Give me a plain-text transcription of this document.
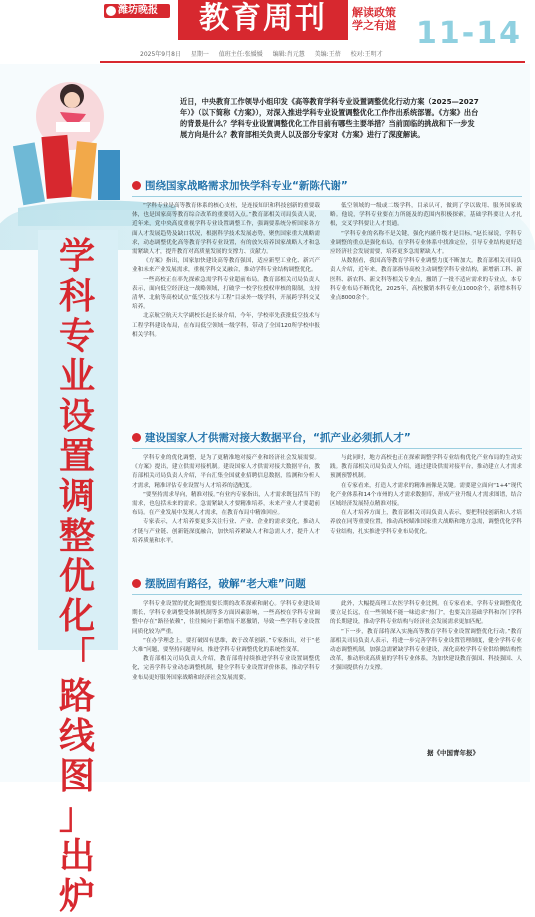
潍坊晚报	教育周刊	解读政策
学之有道 11-14
2025年9月8日 星期一 值班主任:张媛媛 编辑:肖元慧 美编:王蓓 校对:王明才
近日，中央教育工作领导小组印发《高等教育学科专业设置调整优化行动方案（2025—2027年）》（以下简称《方案》），对深入推进学科专业设置调整优化工作作出系统部署。《方案》出台的背景是什么？学科专业设置调整优化工作目前有哪些主要举措？当前面临的挑战和下一步发展方向是什么？教育部相关负责人以及部分专家对《方案》进行了深度解读。
学科专业设置调整优化「路线图」出炉
围绕国家战略需求加快学科专业“新陈代谢”

“学科专业是高等教育体系的核心支柱，是连接知识和科技创新的重要载体，也是国家高等教育综合改革的重要切入点。”教育部相关司局负责人说，近年来，党中央高度重视学科专业设置调整工作，强调要系统分析国家各方面人才发展趋势及缺口状况，根据科学技术发展态势，聚焦国家重大战略需求，动态调整优化高等教育学科专业设置，有的放矢培养国家战略人才和急需紧缺人才，提升教育对高质量发展的支撑力、贡献力。

《方案》指出，国家加快建设高等教育强国，适应新型工业化、新兴产业和未来产业发展需求，重视学科交叉融合，推动学科专业结构调整优化。

一些高校正在率先探索急需学科专业超前布局。教育部相关司局负责人表示，面向低空经济这一战略领域，打破学一校学位授权审核的限制，支持清华、北航等高校试点“低空技术与工程”目录外一级学科，开展跨学科交叉培养。

北京航空航天大学副校长赵长禄介绍，今年，学校率先获批低空技术与工程学科建设布局，在布局低空领域一级学科，带动了全国120所学校申报相关学科。

低空领域的一级或二级学科，目录认可，做到了学以致用、服务国家战略。他说，学科专业要在力所能及的范围内积极探索，基础学科要让人才扎根，交叉学科要让人才贯通。

“学科专业的名称不是关键，强化内涵升级才是目标。”赵长禄说，学科专业调整的重点是强化布局，在学科专业体系中找准定位，引导专业结构更好适应经济社会发展需要，培养更多急需紧缺人才。

从数据看，我国高等教育学科专业调整力度不断加大。教育部相关司局负责人介绍，近年来，教育部指导高校主动调整学科专业结构，新增新工科、新医科、新农科、新文科等相关专业点，撤销了一批不适应需求的专业点，本专科专业布局不断优化，2025年，高校撤销本科专业点1000余个，新增本科专业点8000余个。

建设国家人才供需对接大数据平台，“抓产业必须抓人才”

学科专业的优化调整，是为了更精准地对接产业和经济社会发展需要。《方案》提出，建立供需对接机制。建设国家人才供需对接大数据平台，教育部相关司局负责人介绍，平台汇集全国就业招聘信息数据，监测和分析人才需求，精准评估专业设置与人才培养的适配度。

“要坚持需求导向，精准对接。”有业内专家指出，人才需求既包括当下的需求，也包括未来的需求。急需紧缺人才要精准培养，未来产业人才要超前布局。在产业发展中发现人才需求，在教育布局中精准回应。

专家表示，人才培养要更多关注行业、产业、企业的需求变化，推动人才链与产业链、创新链深度融合，加快培养紧缺人才和急需人才，提升人才培养质量和水平。

与此同时，地方高校也正在探索调整学科专业结构优化产业布局的生动实践。教育部相关司局负责人介绍，通过建设供需对接平台，推动建立人才需求预测预警机制。

在专家看来，打造人才需求的精准画像是关键。需要建立面向“1+4”现代化产业体系和14个市州的人才需求数据库，形成产业升级人才需求图谱，结合区域经济发展特点精准对接。

在人才培养方面上，教育部相关司局负责人表示，要把科技创新和人才培养放在同等重要位置，推动高校瞄准国家重大战略和地方急需，调整优化学科专业结构，扎实推进学科专业布局优化。

摆脱固有路径，破解“老大难”问题

学科专业设置的优化调整需要长期的改革探索和耐心。学科专业建设周期长，学科专业调整受体制机制等多方面因素影响，一些高校在学科专业调整中存在“路径依赖”，往往倾向于新增而不愿撤销，导致一些学科专业设置同质化较为严重。

“在办学理念上，要打破固有思维，敢于改革创新。”专家指出，对于“老大难”问题，要坚持问题导向，推进学科专业调整优化的系统性变革。

教育部相关司局负责人介绍，教育部将持续推进学科专业设置调整优化，完善学科专业动态调整机制，健全学科专业设置评价体系，推动学科专业布局更好服务国家战略和经济社会发展需要。

此外，大幅提高理工农医学科专业比例。在专家看来，学科专业调整优化要立足长远，在一些领域不能一味追求“热门”，也要关注基础学科和冷门学科的长期建设，推动学科专业结构与经济社会发展需求更加匹配。

“下一步，教育部将深入实施高等教育学科专业设置调整优化行动。”教育部相关司局负责人表示，将进一步完善学科专业设置管理制度，健全学科专业动态调整机制，加强急需紧缺学科专业建设，深化高校学科专业供给侧结构性改革，推动形成高质量的学科专业体系，为加快建设教育强国、科技强国、人才强国提供有力支撑。

据《中国青年报》
